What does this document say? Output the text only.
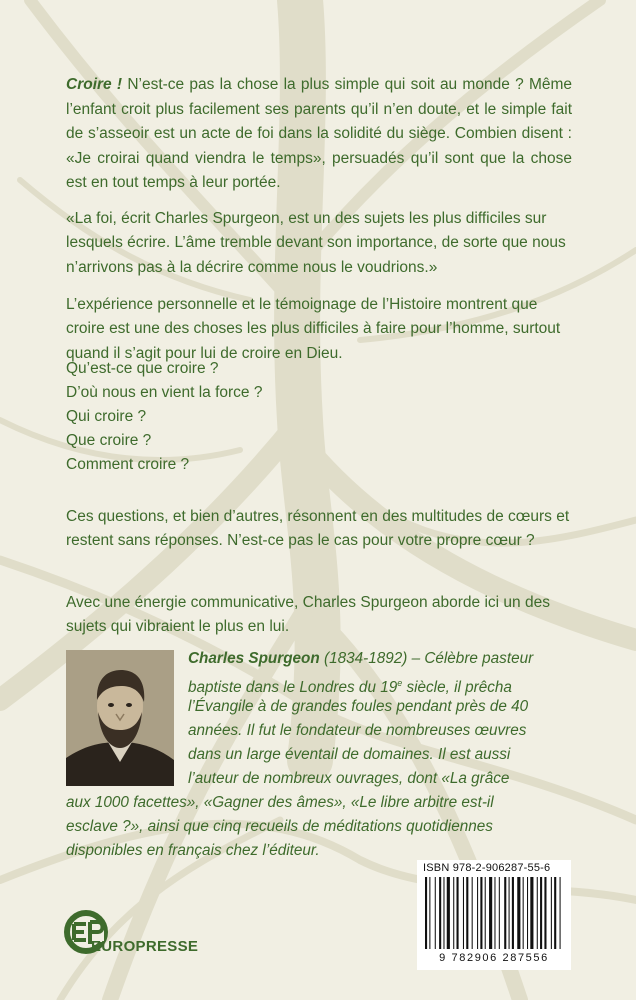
Croire ! N’est-ce pas la chose la plus simple qui soit au monde ? Même l’enfant croit plus facilement ses parents qu’il n’en doute, et le simple fait de s’asseoir est un acte de foi dans la solidité du siège. Combien disent : «Je croirai quand viendra le temps», persuadés qu’il sont que la chose est en tout temps à leur portée.

«La foi, écrit Charles Spurgeon, est un des sujets les plus difficiles sur lesquels écrire. L’âme tremble devant son importance, de sorte que nous n’arrivons pas à la décrire comme nous le voudrions.»

L’expérience personnelle et le témoignage de l’Histoire montrent que croire est une des choses les plus difficiles à faire pour l’homme, surtout quand il s’agit pour lui de croire en Dieu.

Qu’est-ce que croire ?
D’où nous en vient la force ?
Qui croire ?
Que croire ?
Comment croire ?

Ces questions, et bien d’autres, résonnent en des multitudes de cœurs et restent sans réponses. N’est-ce pas le cas pour votre propre cœur ?

Avec une énergie communicative, Charles Spurgeon aborde ici un des sujets qui vibraient le plus en lui.

Charles Spurgeon (1834-1892) – Célèbre pasteur
baptiste dans le Londres du 19e siècle, il prêcha
l’Évangile à de grandes foules pendant près de 40
années. Il fut le fondateur de nombreuses œuvres
dans un large éventail de domaines. Il est aussi
l’auteur de nombreux ouvrages, dont «La grâce
aux 1000 facettes», «Gagner des âmes», «Le libre arbitre est-il
esclave ?», ainsi que cinq recueils de méditations quotidiennes
disponibles en français chez l’éditeur.
ISBN 978-2-906287-55-6
9 782906 287556
EUROPRESSE
